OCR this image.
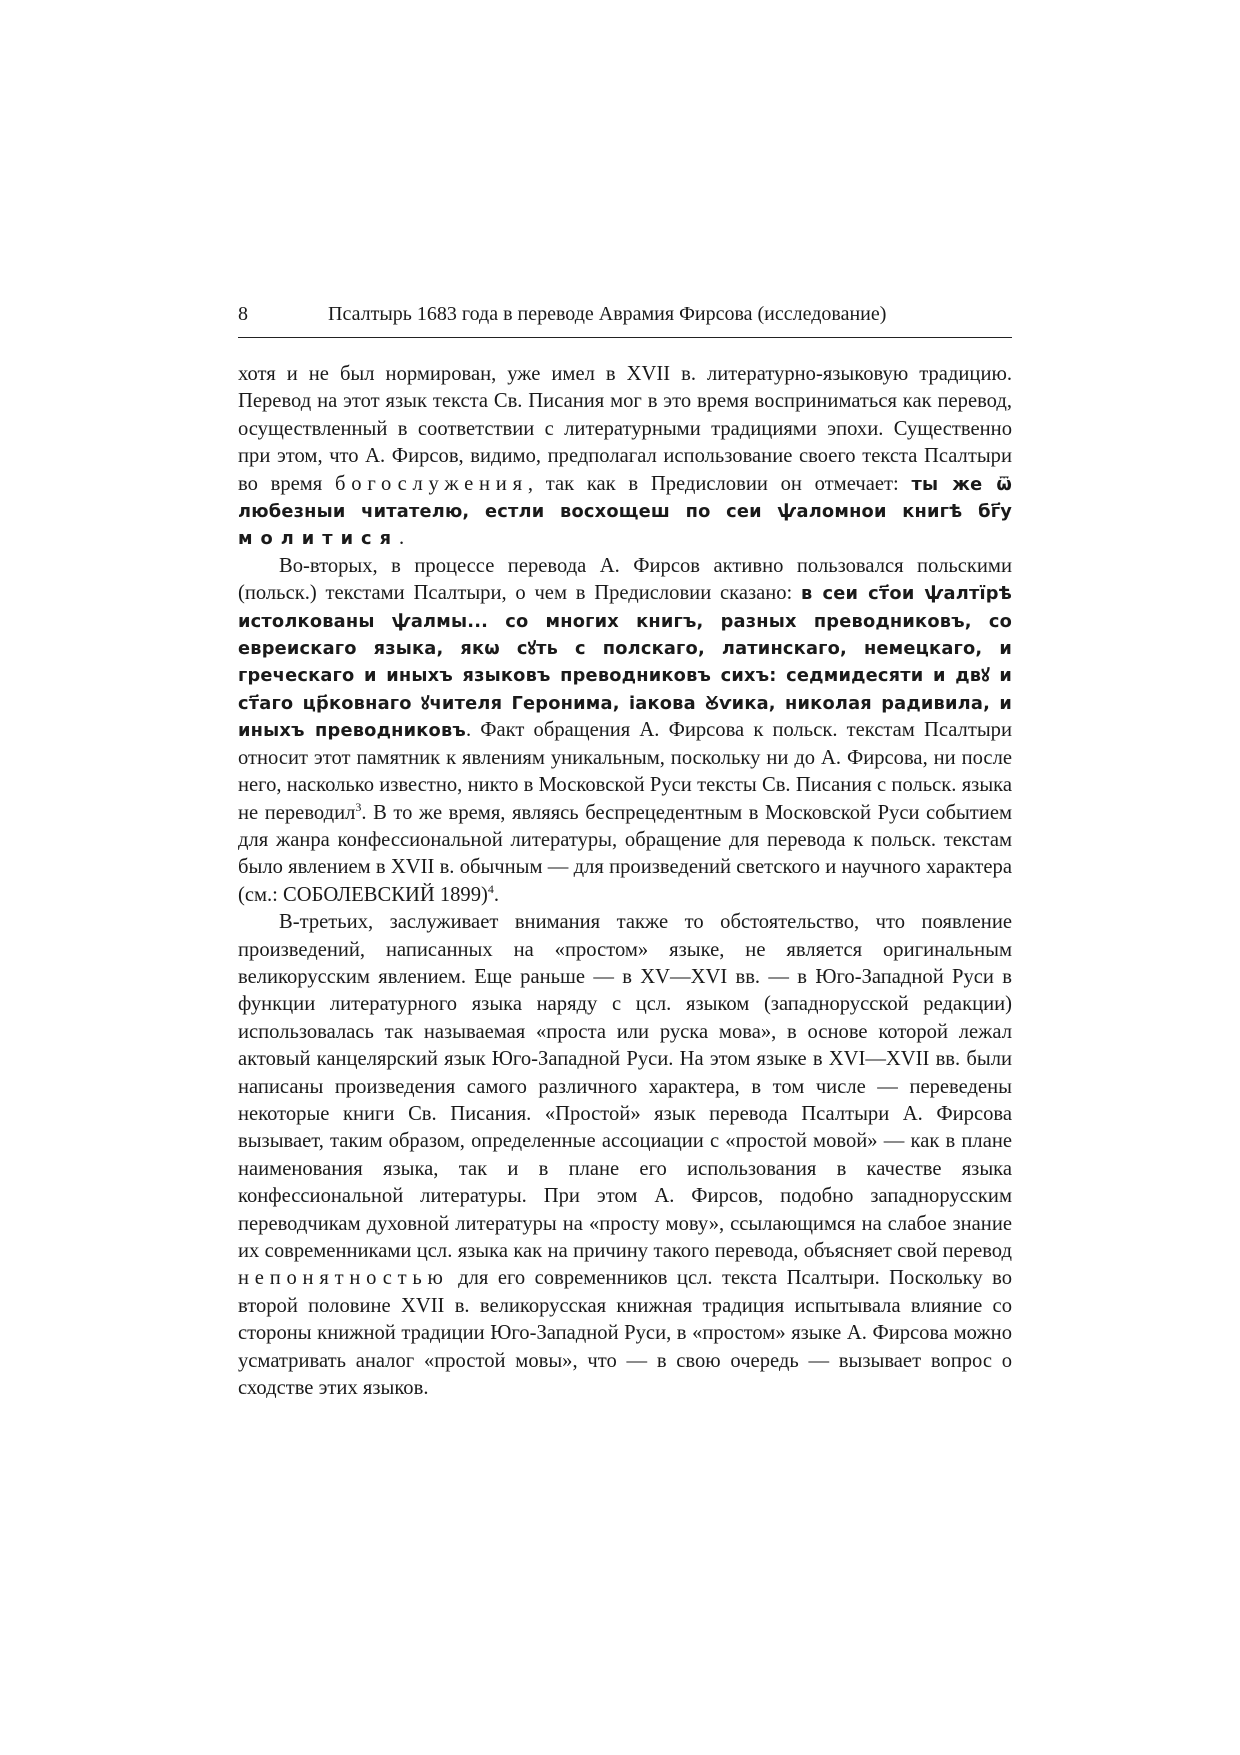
8	Псалтырь 1683 года в переводе Аврамия Фирсова (исследование)

хотя и не был нормирован, уже имел в XVII в. литературно-языковую традицию. Перевод на этот язык текста Св. Писания мог в это время восприниматься как перевод, осуществленный в соответствии с литературными традициями эпохи. Существенно при этом, что А. Фирсов, видимо, предполагал использование своего текста Псалтыри во время богослужения, так как в Предисловии он отмечает: ты же ѿ любезныи читателю, естли восхощеш по сеи ѱаломнои книгѣ бг҃у молитися.

Во-вторых, в процессе перевода А. Фирсов активно пользовался польскими (польск.) текстами Псалтыри, о чем в Предисловии сказано: в сеи ст҃ои ѱалтїрѣ истолкованы ѱалмы... со многих книгъ, разных преводниковъ, со евреискаго языка, якѡ сꙋть с полскаго, латинскаго, немецкаго, и греческаго и иныхъ языковъ преводниковъ сихъ: седмидесяти и двꙋ и ст҃аго цр҃ковнаго ꙋчителя Геронима, іакова Ꙋѵика, николая радивила, и иныхъ преводниковъ. Факт обращения А. Фирсова к польск. текстам Псалтыри относит этот памятник к явлениям уникальным, поскольку ни до А. Фирсова, ни после него, насколько известно, никто в Московской Руси тексты Св. Писания с польск. языка не переводил$^3$. В то же время, являясь беспрецедентным в Московской Руси событием для жанра конфессиональной литературы, обращение для перевода к польск. текстам было явлением в XVII в. обычным — для произведений светского и научного характера (см.: СОБОЛЕВСКИЙ 1899)$^4$.

В-третьих, заслуживает внимания также то обстоятельство, что появление произведений, написанных на «простом» языке, не является оригинальным великорусским явлением. Еще раньше — в XV—XVI вв. — в Юго-Западной Руси в функции литературного языка наряду с цсл. языком (западнорусской редакции) использовалась так называемая «проста или руска мова», в основе которой лежал актовый канцелярский язык Юго-Западной Руси. На этом языке в XVI—XVII вв. были написаны произведения самого различного характера, в том числе — переведены некоторые книги Св. Писания. «Простой» язык перевода Псалтыри А. Фирсова вызывает, таким образом, определенные ассоциации с «простой мовой» — как в плане наименования языка, так и в плане его использования в качестве языка конфессиональной литературы. При этом А. Фирсов, подобно западнорусским переводчикам духовной литературы на «просту мову», ссылающимся на слабое знание их современниками цсл. языка как на причину такого перевода, объясняет свой перевод непонятностью для его современников цсл. текста Псалтыри. Поскольку во второй половине XVII в. великорусская книжная традиция испытывала влияние со стороны книжной традиции Юго-Западной Руси, в «простом» языке А. Фирсова можно усматривать аналог «простой мовы», что — в свою очередь — вызывает вопрос о сходстве этих языков.
